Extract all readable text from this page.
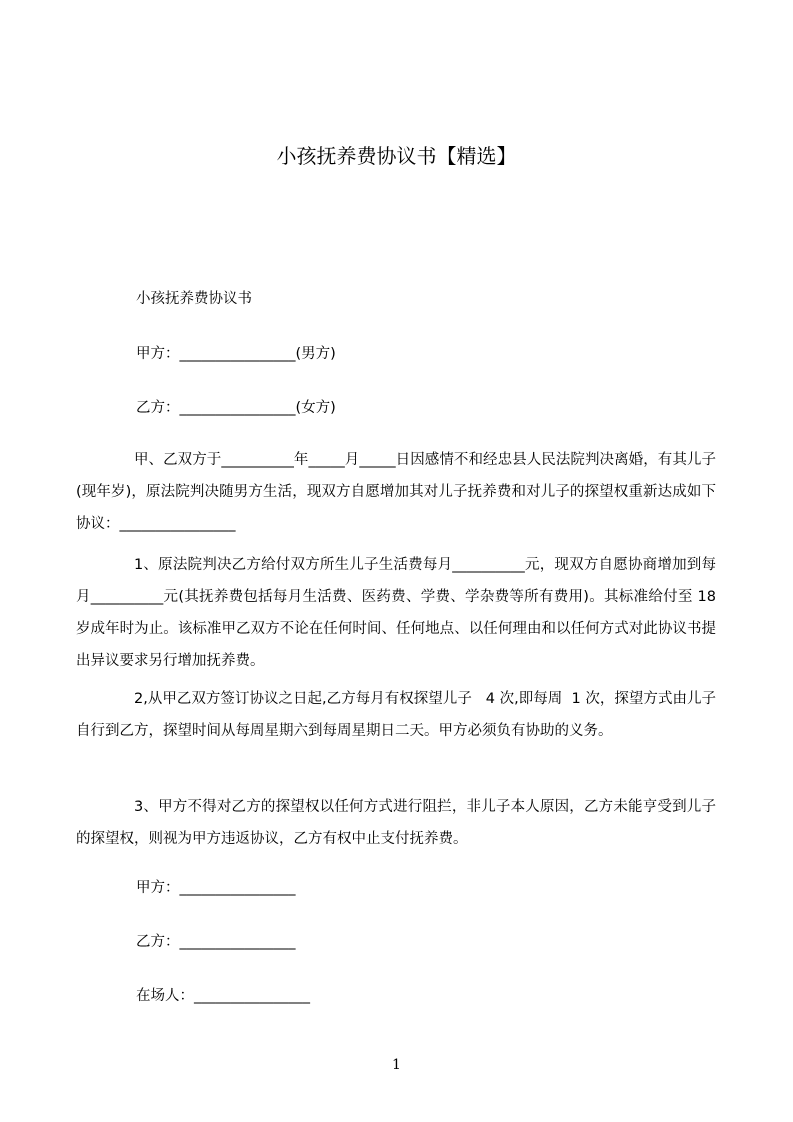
小孩抚养费协议书【精选】
小孩抚养费协议书
甲方：________________(男方)
乙方：________________(女方)
甲、乙双方于__________年_____月_____日因感情不和经忠县人民法院判决离婚，有其儿子(现年岁)，原法院判决随男方生活，现双方自愿增加其对儿子抚养费和对儿子的探望权重新达成如下协议：________________
1、原法院判决乙方给付双方所生儿子生活费每月__________元，现双方自愿协商增加到每月__________元(其抚养费包括每月生活费、医药费、学费、学杂费等所有费用)。其标准给付至 18 岁成年时为止。该标准甲乙双方不论在任何时间、任何地点、以任何理由和以任何方式对此协议书提出异议要求另行增加抚养费。
2,从甲乙双方签订协议之日起,乙方每月有权探望儿子   4 次,即每周  1 次，探望方式由儿子自行到乙方，探望时间从每周星期六到每周星期日二天。甲方必须负有协助的义务。
3、甲方不得对乙方的探望权以任何方式进行阻拦，非儿子本人原因，乙方未能亨受到儿子的探望权，则视为甲方违返协议，乙方有权中止支付抚养费。
甲方：________________
乙方：________________
在场人：________________
1
